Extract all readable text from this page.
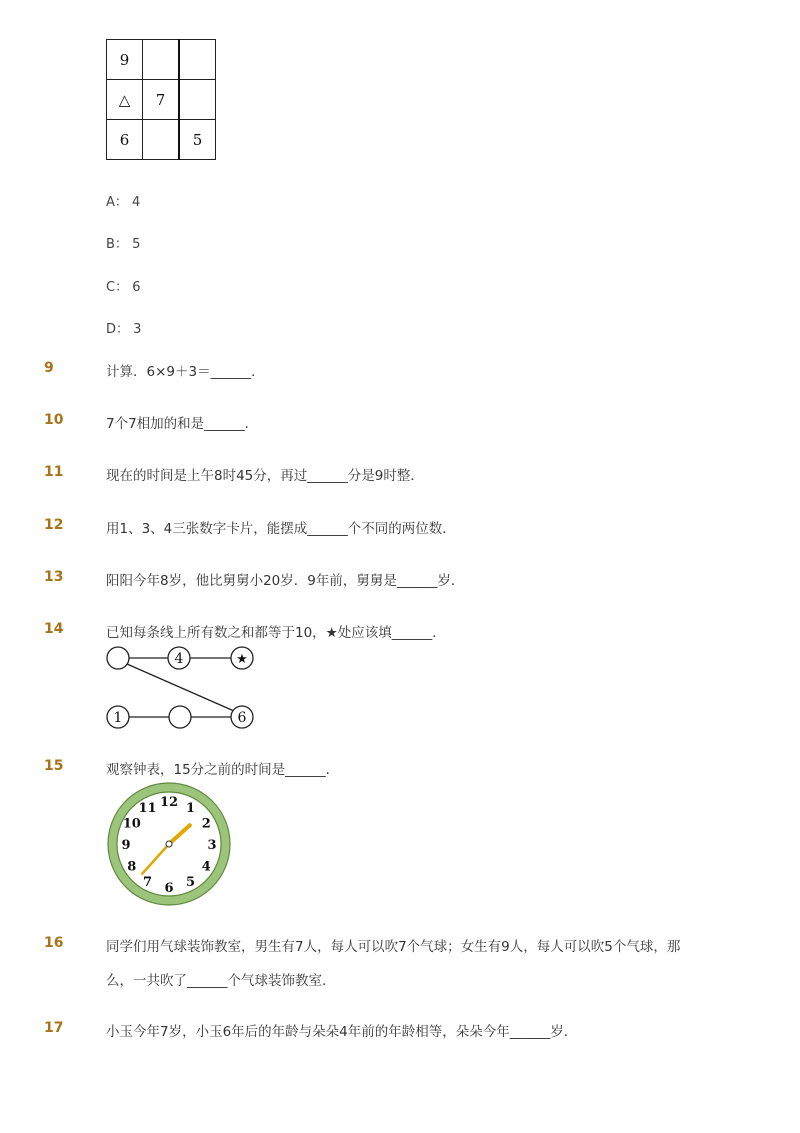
9		
△	7	
6		5
A： 4
B： 5
C： 6
D： 3
9	计算．6×9＋3＝______．
10	7个7相加的和是______．
11	现在的时间是上午8时45分，再过______分是9时整．
12	用1、3、4三张数字卡片，能摆成______个不同的两位数．
13	阳阳今年8岁，他比舅舅小20岁．9年前，舅舅是______岁．
14	已知每条线上所有数之和都等于10，★处应该填______．
4	★
1	6
15	观察钟表，15分之前的时间是______．
12 1
2
3
4
5
6
7
8
9
10
11
16	同学们用气球装饰教室，男生有7人，每人可以吹7个气球；女生有9人，每人可以吹5个气球，那
么，一共吹了______个气球装饰教室．
17	小玉今年7岁，小玉6年后的年龄与朵朵4年前的年龄相等，朵朵今年______岁．
